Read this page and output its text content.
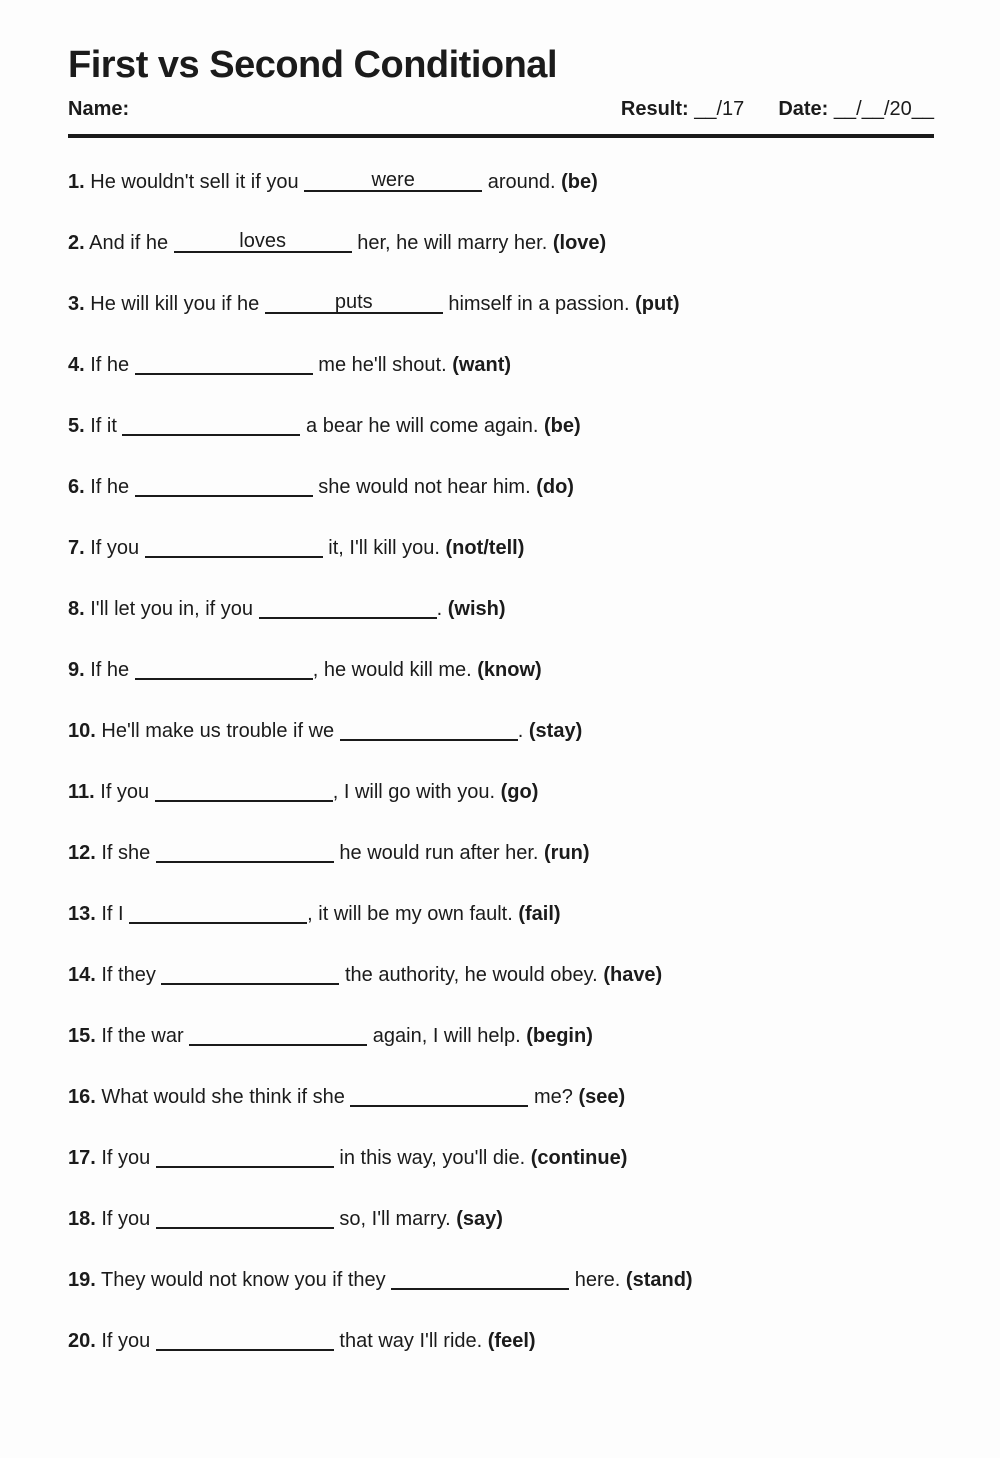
First vs Second Conditional
Name:	Result: __/17 Date: __/__/20__
1. He wouldn't sell it if you	were	around. (be)
2. And if he	loves	her, he will marry her. (love)
3. He will kill you if he	puts	himself in a passion. (put)
4. If he	me he'll shout. (want)
5. If it	a bear he will come again. (be)
6. If he	she would not hear him. (do)
7. If you	it, I'll kill you. (not/tell)
8. I'll let you in, if you	. (wish)
9. If he	, he would kill me. (know)
10. He'll make us trouble if we	. (stay)
11. If you	, I will go with you. (go)
12. If she	he would run after her. (run)
13. If I	, it will be my own fault. (fail)
14. If they	the authority, he would obey. (have)
15. If the war	again, I will help. (begin)
16. What would she think if she	me? (see)
17. If you	in this way, you'll die. (continue)
18. If you	so, I'll marry. (say)
19. They would not know you if they	here. (stand)
20. If you	that way I'll ride. (feel)
